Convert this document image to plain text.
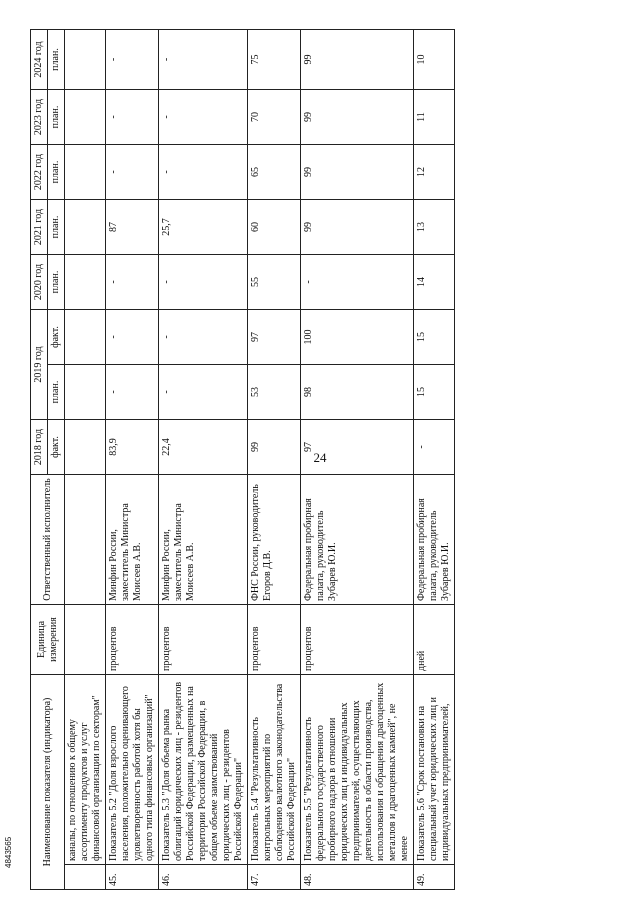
24
4843565	Наименование показателя (индикатора)		Единица измерения	Ответственный исполнитель	2018 год	2019 год		2020 год	2021 год	2022 год	2023 год	2024 год
				факт.	план.	факт.	план.	план.	план.	план.	план.
	каналы, по отношению к общему ассортименту продуктов и услуг финансовой организации по секторам"										
45.	Показатель 5.2 "Доля взрослого населения, положительно оценивающего удовлетворенность работой хотя бы одного типа финансовых организаций"	процентов	Минфин России, заместитель Министра Моисеев А.В.	83,9	-	-	-	87	-	-	-
46.	Показатель 5.3 "Доля объема рынка облигаций юридических лиц - резидентов Российской Федерации, размещенных на территории Российской Федерации, в общем объеме заимствований юридических лиц - резидентов Российской Федерации"	процентов	Минфин России, заместитель Министра Моисеев А.В.	22,4	-	-	-	25,7	-	-	-
47.	Показатель 5.4 "Результативность контрольных мероприятий по соблюдению валютного законодательства Российской Федерации"	процентов	ФНС России, руководитель Егоров Д.В.	99	53	97	55	60	65	70	75
48.	Показатель 5.5 "Результативность федерального государственного пробирного надзора в отношении юридических лиц и индивидуальных предпринимателей, осуществляющих деятельность в области производства, использования и обращения драгоценных металлов и драгоценных камней", не менее	процентов	Федеральная пробирная палата, руководитель Зубарев Ю.И.	97	98	100	-	99	99	99	99
49.	Показатель 5.6 "Срок постановки на специальный учет юридических лиц и индивидуальных предпринимателей,	дней	Федеральная пробирная палата, руководитель Зубарев Ю.И.	-	15	15	14	13	12	11	10
